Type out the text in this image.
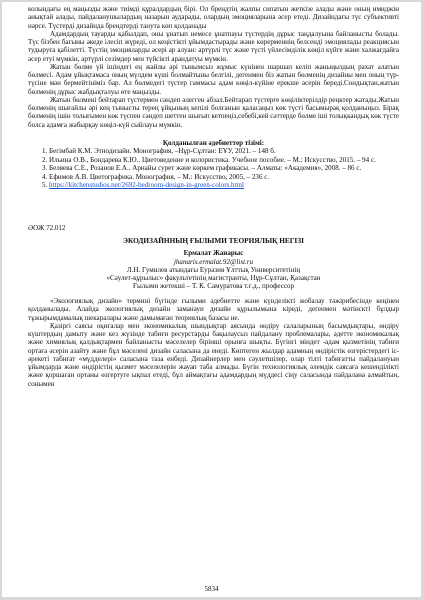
колындағы ең маңызды және тиімді құралдардың бірі. Ол брендтің жалпы сипатын жеткізе алады және оның имиджін анықтай алады, пайдаланушылардың назарын аударады, олардың эмоцияларына әсер етеді. Дизайндағы түс субъективті нәрсе. Түстерді дизайнда брендтерді танута көп қолданады

Адамдардың тауарды қабылдап, оны ұнатып немесе ұнатпауы түстердің дұрыс таңдалуына байланысты болады. Түс бізбен бағыны әкеде ілесіп жүреді, ол кеңістікті ұйымдастырады және көрерменнің белсенді эмоциялады реакциясын тудыруға қабілетті. Түстің эмоцияларды әсері ар алуан: артүрлі түс және түсті үйлесімділік көңіл күйге және халжағдайға әсер етуі мүмкін, артүрлі сезімдер мен түйсікті арандатуы мүмкін.

Жатын бөлме үй ішіндегі ең жайлы әрі тынымсыз жұмыс күнінен шаршап келіп жаныңыздың рахат алатын бөлмесі. Адам ұйықтамаса оның мүлдем күші болмайтыны белгілі, дегенмен біз жатын бөлменің дизайны мен оның түр-түсіне мән бермейтініміз бар. Ал бөлмедегі түстер гаммасы адам көңіл-күйіне ерекше әсерін береді.Сондықтан,жатын бөлменің дұрыс жабдықталуы өте маңызды.

Жатын бөлмені бейтарап түстермен сәндеп әлегген абзал.Бейтарап түстерге көңіліктерілдір реңктер жатады.Жатын бөлменің шығайлы әрі кең тынысты терең ұйқының кепілі болғанын қаласаңыз көк түсті басымырақ қолданыңыз. Бірақ бөлменің ішін толығымен көк түспен сәндеп шеттен шығып кетпеңіз,себебі,кей сәттерде бөлме іші толықкандық көк түсте болса адамға жабырқау көңіл-күй сыйлауы мүмкін.

Қолданылған әдебиеттер тізімі:
1. Бегімбай К.М. Этнодизайн. Монография, –Нұр-Сұлтан: ЕҰУ, 2021. – 148 б.
2. Ильина О.В., Бондарева К.Ю.. Цветоведение и колористика. Учебное пособие. – М.: Искусство, 2015. – 94 с.
3. Беляева С.Е., Розанов Е.А.. Арнайы сурет және көркем графикасы. – Алматы: «Академия», 2008. – 86 с.
4. Ефимов А.В. Цветографика. Монография, – М.: Искусство, 2005, – 236 с.
5. https://kitchenstudios.net/2692-bedroom-design-in-green-colors.html
ӘОЖ 72.012
ЭКОДИЗАЙННЫҢ ҒЫЛЫМИ ТЕОРИЯЛЫҚ НЕГІЗІ

Ермалат Жанарыс

jhanaris.ermalat.92@list.ru

Л.Н. Гумилев атындағы Еуразия Ұлттық Университетінің

«Сәулет-құрылыс» факультетінің магистранты, Нұр-Сұлтан, Қазақстан

Ғылыми жетекші – Т. К. Самуратова т.ғ.д., профессор

«Экологиялық дизайн» термині бүгінде ғылыми әдебиетте және күнделікті жобалау тәжірибесінде кеңінен қолданылады. Алайда экологиялық дизайн заманауи дизайн құрылымына кіреді, дегенмен мәтінскті бұлдыр тұжырымдамалық шекаралары және дамымаған теориялық базасы не.

Қазіргі саясы оқиғалар мен экономикалық шындықтар аясында өндіру салаларының басымдықтары, өндіру күштердың дамыту және кез жүзінде табиғи ресурстарды бақылаусыз пайдалану проблемалары, әдетте экономикалық және химиялық қалдықтармен байланысты мәселелер бірінші орынға шықты. Бүгінгі міндет -адам қызметінің табиғи ортаға әсерін азайту және бұл мәселені дизайн саласына да енеді. Көптеген жылдар адамның өндірістік өзгерістердегі іс-әрекеті табиғат «мүдделері» саласына таза енбеді. Дизайнерлер мен сәулетшілер, олар тілті табиғатты пайдалануын ұйымдарда және өндірістің қызмет мәселелерін жауап таба алмады. Бүгін технологиялық әлемдік саясаға кешенділікті және қоршаған ортаны өзгертуге ықпал етеді, бұл аймақтағы адамдардың мүддесі сіңу саласында пайдалана алмайтын, сонымен

5834
